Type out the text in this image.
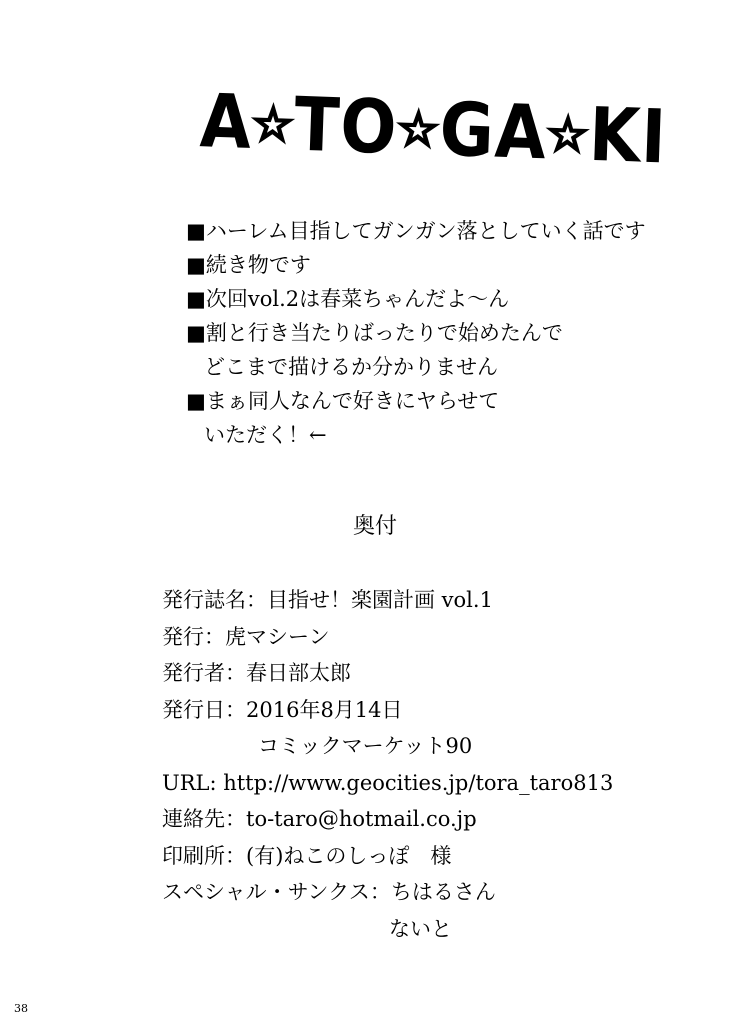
A☆TO☆GA☆KI
■ハーレム目指してガンガン落としていく話です
■続き物です
■次回vol.2は春菜ちゃんだよ～ん
■割と行き当たりばったりで始めたんで
どこまで描けるか分かりません
■まぁ同人なんで好きにヤらせて
いただく！←
奥付
発行誌名：目指せ！楽園計画 vol.1
発行：虎マシーン
発行者：春日部太郎
発行日：2016年8月14日
コミックマーケット90
URL: http://www.geocities.jp/tora_taro813
連絡先：to-taro@hotmail.co.jp
印刷所：(有)ねこのしっぽ　様
スペシャル・サンクス：ちはるさん
ないと
38
